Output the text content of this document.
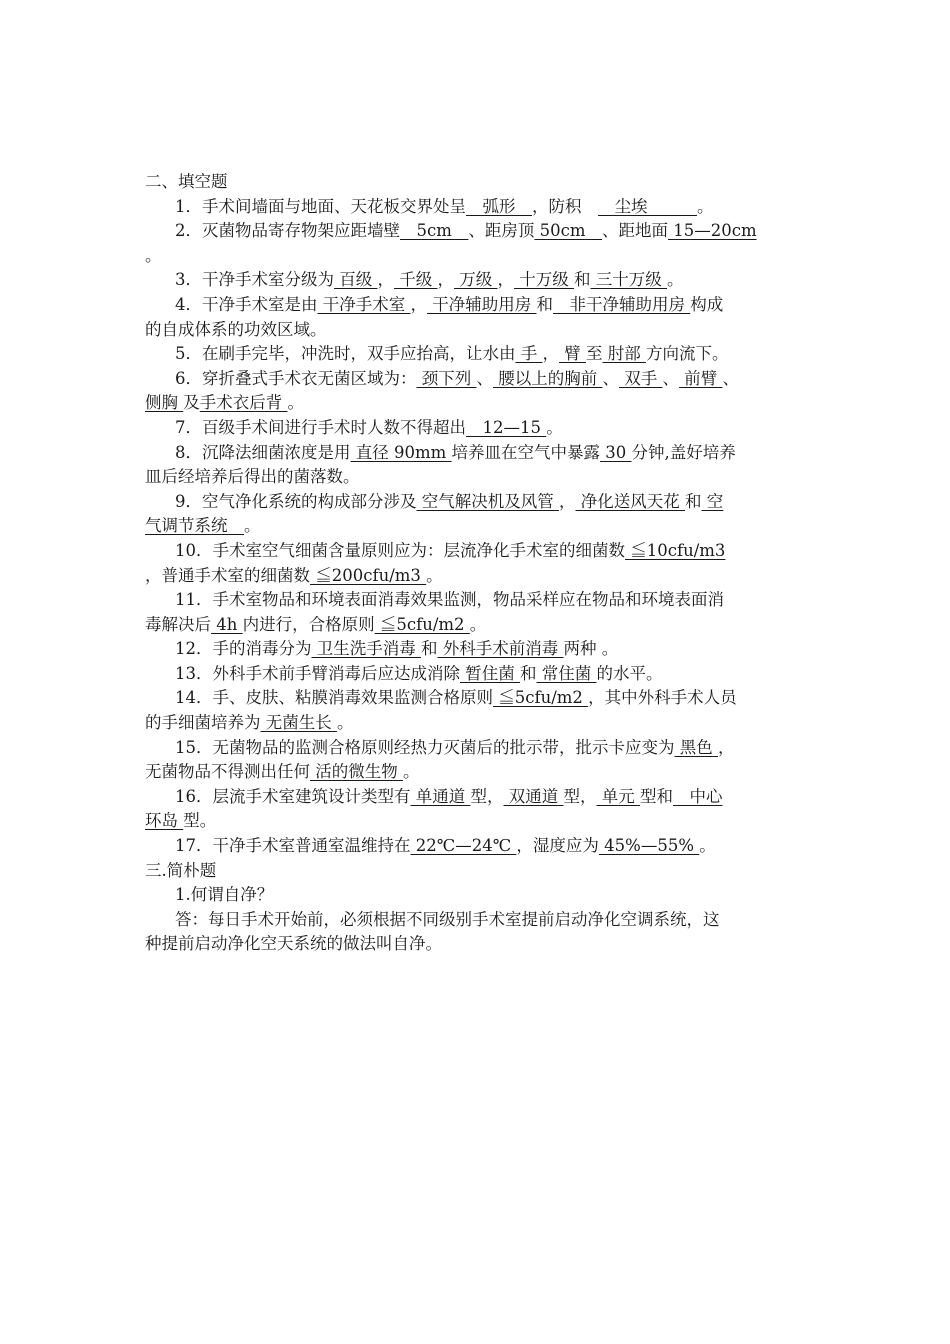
二、填空题
1．手术间墙面与地面、天花板交界处呈　弧形　，防积　　尘埃　　　。
2．灭菌物品寄存物架应距墙壁　5cm　、距房顶 50cm　、距地面 15—20cm
。
3．干净手术室分级为 百级 ， 千级 ， 万级 ， 十万级 和 三十万级 。
4．干净手术室是由 干净手术室 ， 干净辅助用房 和　非干净辅助用房 构成
的自成体系的功效区域。
5．在刷手完毕，冲洗时，双手应抬高，让水由 手 ， 臂 至 肘部 方向流下。
6．穿折叠式手术衣无菌区域为： 颈下列 、 腰以上的胸前 、 双手 、 前臂 、
侧胸 及手术衣后背 。
7．百级手术间进行手术时人数不得超出　12—15 。
8．沉降法细菌浓度是用 直径 90mm 培养皿在空气中暴露 30 分钟,盖好培养
皿后经培养后得出的菌落数。
9．空气净化系统的构成部分涉及 空气解决机及风管 ， 净化送风天花 和 空
气调节系统　。
10．手术室空气细菌含量原则应为：层流净化手术室的细菌数 ≦10cfu/m3
，普通手术室的细菌数 ≦200cfu/m3 。
11．手术室物品和环境表面消毒效果监测，物品采样应在物品和环境表面消
毒解决后 4h 内进行，合格原则 ≦5cfu/m2 。
12．手的消毒分为 卫生洗手消毒 和 外科手术前消毒 两种 。
13．外科手术前手臂消毒后应达成消除 暂住菌 和 常住菌 的水平。
14．手、皮肤、粘膜消毒效果监测合格原则 ≦5cfu/m2 ，其中外科手术人员
的手细菌培养为 无菌生长 。
15．无菌物品的监测合格原则经热力灭菌后的批示带，批示卡应变为 黑色 ，
无菌物品不得测出任何 活的微生物 。
16．层流手术室建筑设计类型有 单通道 型， 双通道 型， 单元 型和　中心
环岛 型。
17．干净手术室普通室温维持在 22℃—24℃ ，湿度应为 45%—55% 。
三.简朴题
1.何谓自净？
答：每日手术开始前，必须根据不同级别手术室提前启动净化空调系统，这
种提前启动净化空天系统的做法叫自净。
